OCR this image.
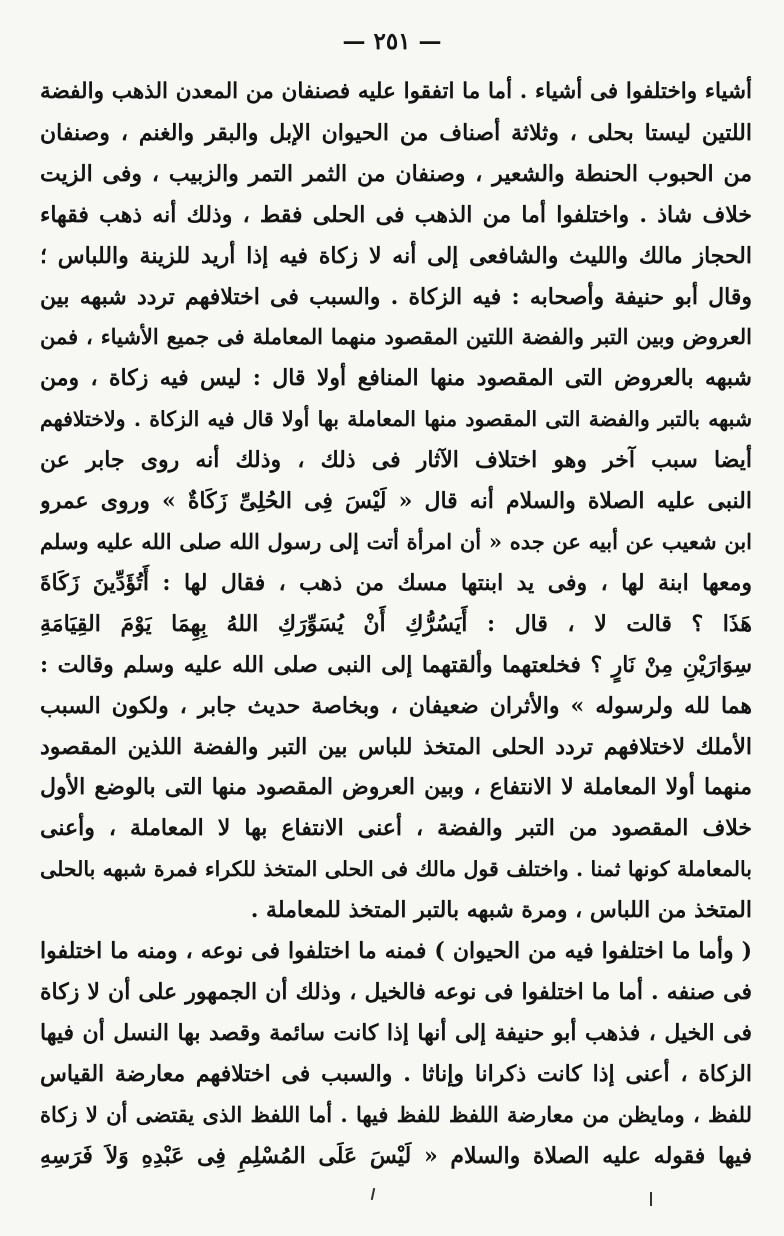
— ٢٥١ —
أشياء واختلفوا فى أشياء . أما ما اتفقوا عليه فصنفان من المعدن الذهب والفضة
اللتين ليستا بحلى ، وثلاثة أصناف من الحيوان الإبل والبقر والغنم ، وصنفان
من الحبوب الحنطة والشعير ، وصنفان من الثمر التمر والزبيب ، وفى الزيت
خلاف شاذ . واختلفوا أما من الذهب فى الحلى فقط ، وذلك أنه ذهب فقهاء
الحجاز مالك والليث والشافعى إلى أنه لا زكاة فيه إذا أريد للزينة واللباس ؛
وقال أبو حنيفة وأصحابه : فيه الزكاة . والسبب فى اختلافهم تردد شبهه بين
العروض وبين التبر والفضة اللتين المقصود منهما المعاملة فى جميع الأشياء ، فمن
شبهه بالعروض التى المقصود منها المنافع أولا قال : ليس فيه زكاة ، ومن
شبهه بالتبر والفضة التى المقصود منها المعاملة بها أولا قال فيه الزكاة . ولاختلافهم
أيضا سبب آخر وهو اختلاف الآثار فى ذلك ، وذلك أنه روى جابر عن
النبى عليه الصلاة والسلام أنه قال « لَيْسَ فِى الحُلِىِّ زَكَاةٌ » وروى عمرو
ابن شعيب عن أبيه عن جده « أن امرأة أتت إلى رسول الله صلى الله عليه وسلم
ومعها ابنة لها ، وفى يد ابنتها مسك من ذهب ، فقال لها : أَتُؤَدِّينَ زَكَاةَ
هَذَا ؟ قالت لا ، قال : أَيَسُرُّكِ أَنْ يُسَوِّرَكِ اللهُ بِهِمَا يَوْمَ القِيَامَةِ
سِوَارَيْنِ مِنْ نَارٍ ؟ فخلعتهما وألقتهما إلى النبى صلى الله عليه وسلم وقالت :
هما لله ولرسوله » والأثران ضعيفان ، وبخاصة حديث جابر ، ولكون السبب
الأملك لاختلافهم تردد الحلى المتخذ للباس بين التبر والفضة اللذين المقصود
منهما أولا المعاملة لا الانتفاع ، وبين العروض المقصود منها التى بالوضع الأول
خلاف المقصود من التبر والفضة ، أعنى الانتفاع بها لا المعاملة ، وأعنى
بالمعاملة كونها ثمنا . واختلف قول مالك فى الحلى المتخذ للكراء فمرة شبهه بالحلى
المتخذ من اللباس ، ومرة شبهه بالتبر المتخذ للمعاملة .
( وأما ما اختلفوا فيه من الحيوان ) فمنه ما اختلفوا فى نوعه ، ومنه ما اختلفوا
فى صنفه . أما ما اختلفوا فى نوعه فالخيل ، وذلك أن الجمهور على أن لا زكاة
فى الخيل ، فذهب أبو حنيفة إلى أنها إذا كانت سائمة وقصد بها النسل أن فيها
الزكاة ، أعنى إذا كانت ذكرانا وإناثا . والسبب فى اختلافهم معارضة القياس
للفظ ، ومايظن من معارضة اللفظ للفظ فيها . أما اللفظ الذى يقتضى أن لا زكاة
فيها فقوله عليه الصلاة والسلام « لَيْسَ عَلَى المُسْلِمِ فِى عَبْدِهِ وَلاَ فَرَسِهِ
